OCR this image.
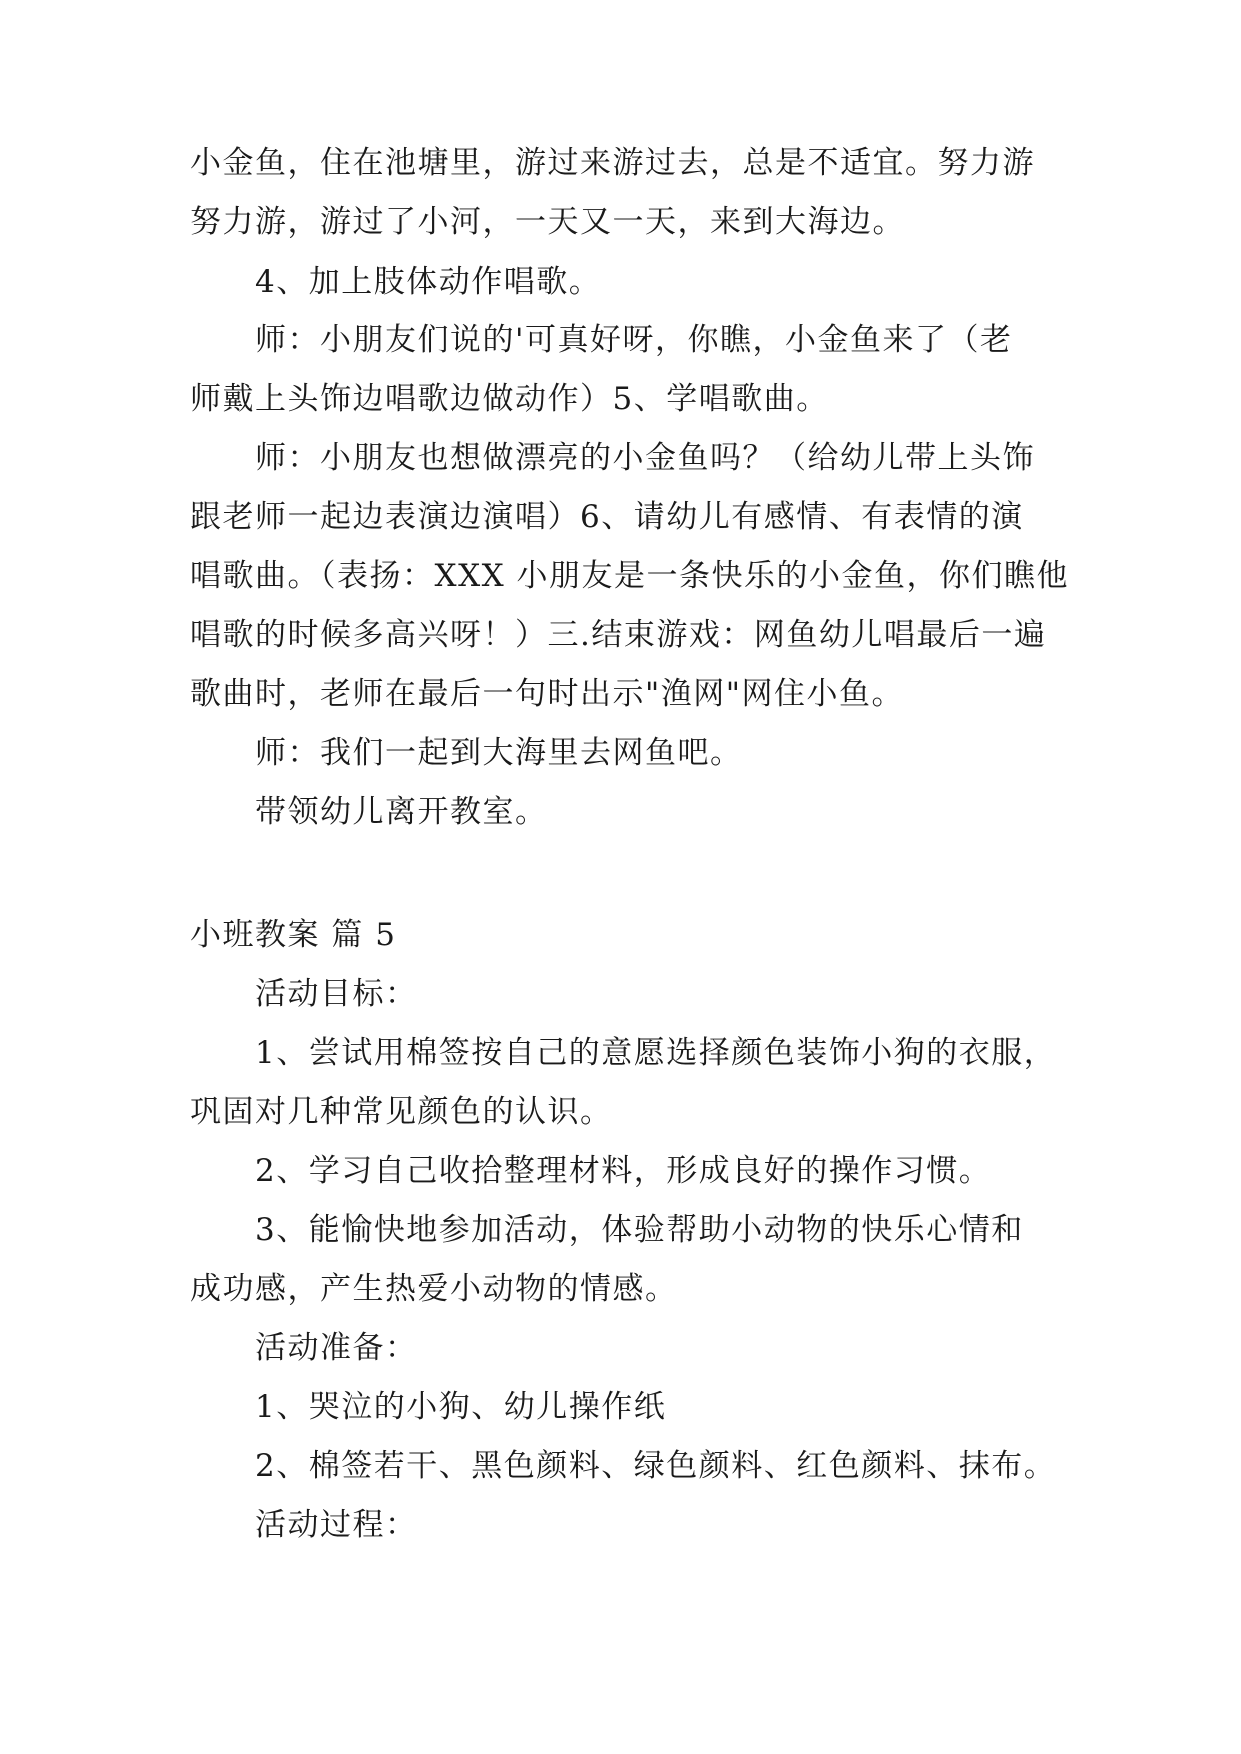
小金鱼，住在池塘里，游过来游过去，总是不适宜。努力游
努力游，游过了小河，一天又一天，来到大海边。
4、加上肢体动作唱歌。
师：小朋友们说的'可真好呀，你瞧，小金鱼来了（老
师戴上头饰边唱歌边做动作）5、学唱歌曲。
师：小朋友也想做漂亮的小金鱼吗？（给幼儿带上头饰
跟老师一起边表演边演唱）6、请幼儿有感情、有表情的演
唱歌曲。（表扬：XXX 小朋友是一条快乐的小金鱼，你们瞧他
唱歌的时候多高兴呀！）三.结束游戏：网鱼幼儿唱最后一遍
歌曲时，老师在最后一句时出示"渔网"网住小鱼。
师：我们一起到大海里去网鱼吧。
带领幼儿离开教室。
小班教案 篇 5
活动目标：
1、尝试用棉签按自己的意愿选择颜色装饰小狗的衣服，
巩固对几种常见颜色的认识。
2、学习自己收拾整理材料，形成良好的操作习惯。
3、能愉快地参加活动，体验帮助小动物的快乐心情和
成功感，产生热爱小动物的情感。
活动准备：
1、哭泣的小狗、幼儿操作纸
2、棉签若干、黑色颜料、绿色颜料、红色颜料、抹布。
活动过程：
